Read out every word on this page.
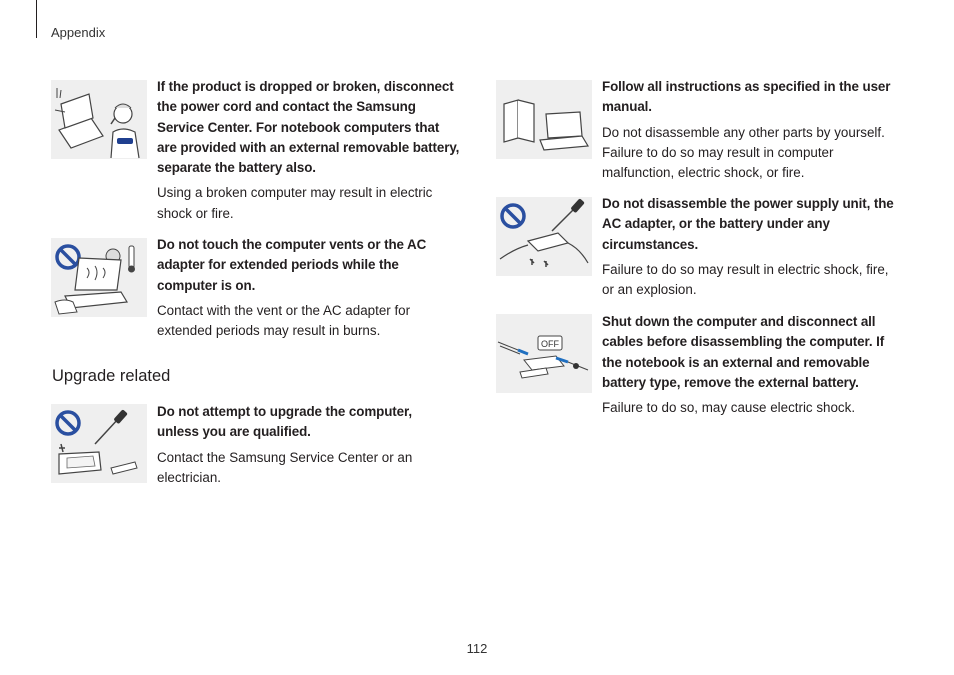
Appendix

If the product is dropped or broken, disconnect the power cord and contact the Samsung Service Center. For notebook computers that are provided with an external removable battery, separate the battery also.

Using a broken computer may result in electric shock or fire.

Do not touch the computer vents or the AC adapter for extended periods while the computer is on.

Contact with the vent or the AC adapter for extended periods may result in burns.

Upgrade related

Do not attempt to upgrade the computer, unless you are qualified.

Contact the Samsung Service Center or an electrician.

Follow all instructions as specified in the user manual.

Do not disassemble any other parts by yourself. Failure to do so may result in computer malfunction, electric shock, or fire.

Do not disassemble the power supply unit, the AC adapter, or the battery under any circumstances.

Failure to do so may result in electric shock, fire, or an explosion.

OFF

Shut down the computer and disconnect all cables before disassembling the computer. If the notebook is an external and removable battery type, remove the external battery.

Failure to do so, may cause electric shock.

112
